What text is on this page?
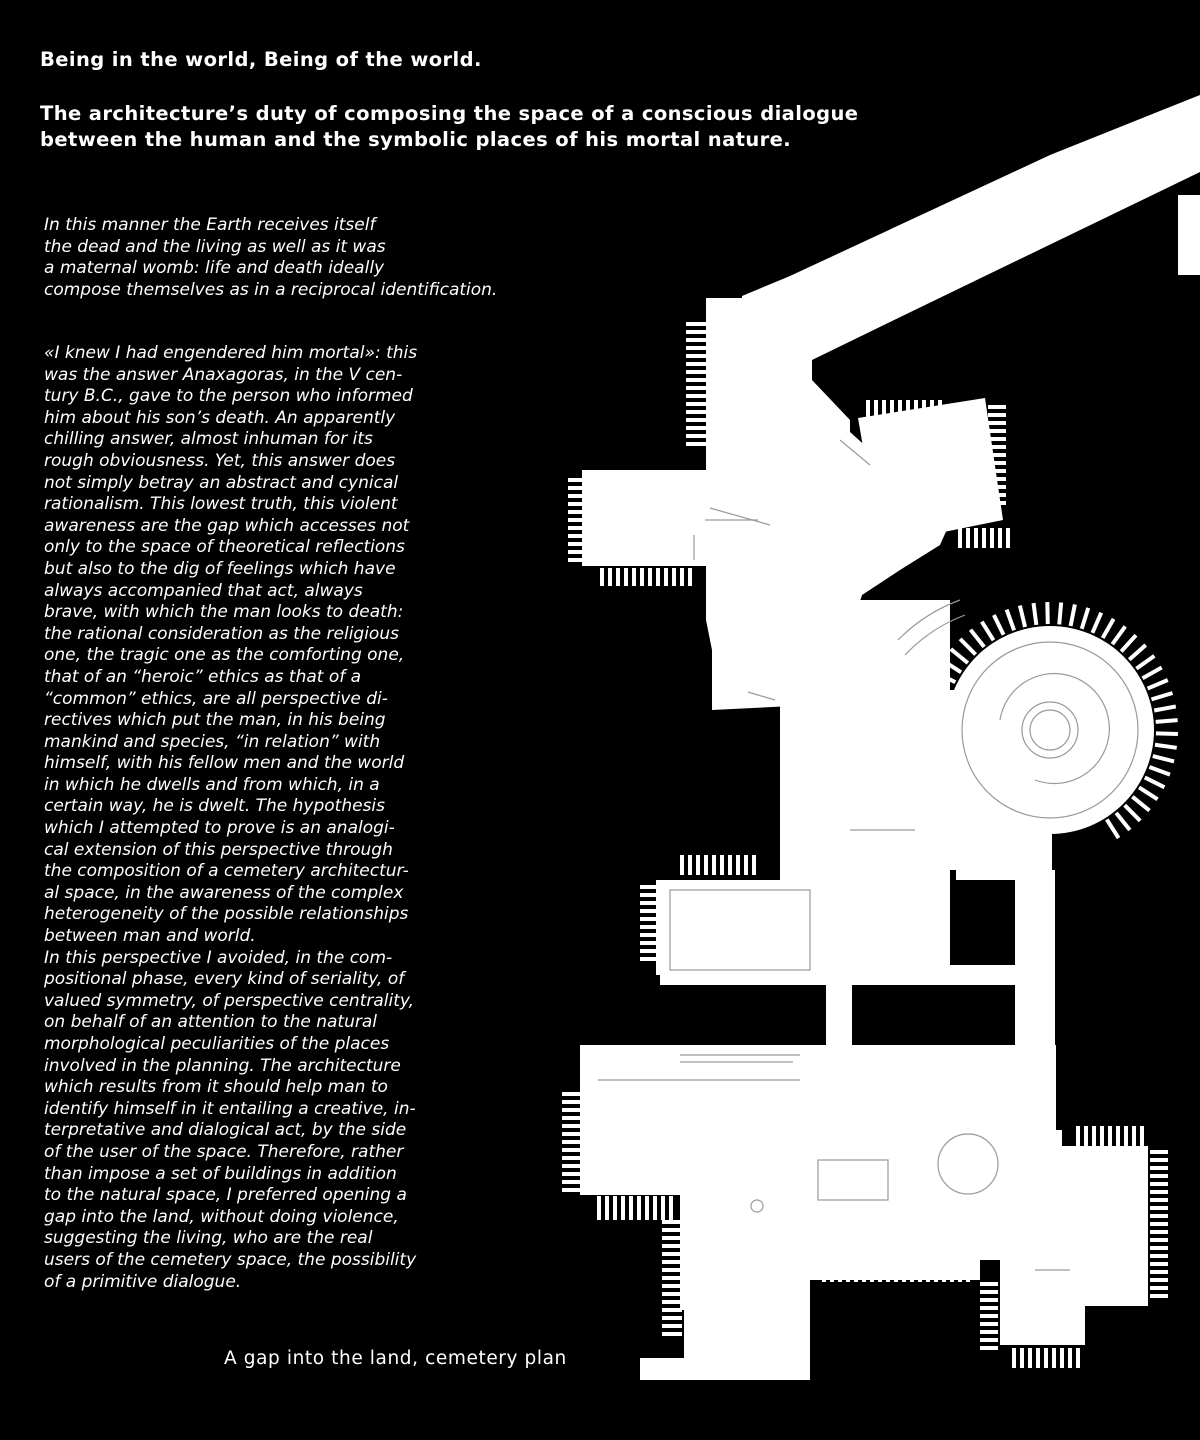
Being in the world, Being of the world.
The architecture’s duty of composing the space of a conscious dialogue
between the human and the symbolic places of his mortal nature.
In this manner the Earth receives itself
the dead and the living as well as it was
a maternal womb: life and death ideally
compose themselves as in a reciprocal identification.
«I knew I had engendered him mortal»: this
was the answer Anaxagoras, in the V cen-
tury B.C., gave to the person who informed
him about his son’s death. An apparently
chilling answer, almost inhuman for its
rough obviousness. Yet, this answer does
not simply betray an abstract and cynical
rationalism. This lowest truth, this violent
awareness are the gap which accesses not
only to the space of theoretical reflections
but also to the dig of feelings which have
always accompanied that act, always
brave, with which the man looks to death:
the rational consideration as the religious
one, the tragic one as the comforting one,
that of an “heroic” ethics as that of a
“common” ethics, are all perspective di-
rectives which put the man, in his being
mankind and species, “in relation” with
himself, with his fellow men and the world
in which he dwells and from which, in a
certain way, he is dwelt. The hypothesis
which I attempted to prove is an analogi-
cal extension of this perspective through
the composition of a cemetery architectur-
al space, in the awareness of the complex
heterogeneity of the possible relationships
between man and world.
In this perspective I avoided, in the com-
positional phase, every kind of seriality, of
valued symmetry, of perspective centrality,
on behalf of an attention to the natural
morphological peculiarities of the places
involved in the planning. The architecture
which results from it should help man to
identify himself in it entailing a creative, in-
terpretative and dialogical act, by the side
of the user of the space. Therefore, rather
than impose a set of buildings in addition
to the natural space, I preferred opening a
gap into the land, without doing violence,
suggesting the living, who are the real
users of the cemetery space, the possibility
of a primitive dialogue.
A gap into the land, cemetery plan
